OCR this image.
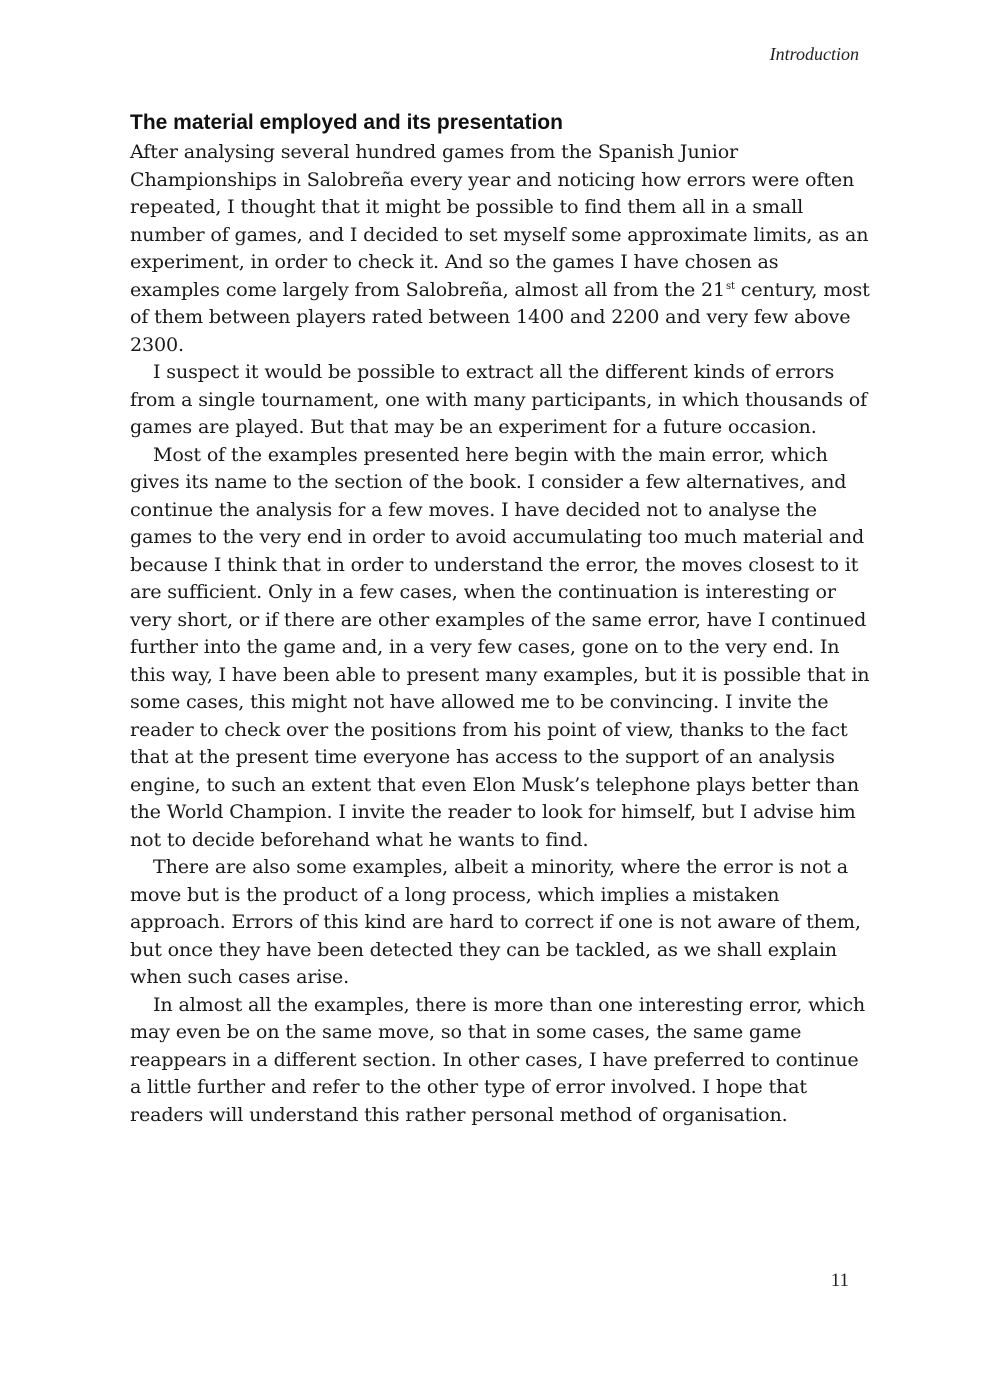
Introduction
The material employed and its presentation

After analysing several hundred games from the Spanish Junior Championships in Salobreña every year and noticing how errors were often repeated, I thought that it might be possible to find them all in a small number of games, and I decided to set myself some approximate limits, as an experiment, in order to check it. And so the games I have chosen as examples come largely from Salobreña, almost all from the 21st century, most of them between players rated between 1400 and 2200 and very few above 2300.

I suspect it would be possible to extract all the different kinds of errors from a single tournament, one with many participants, in which thousands of games are played. But that may be an experiment for a future occasion.

Most of the examples presented here begin with the main error, which gives its name to the section of the book. I consider a few alternatives, and continue the analysis for a few moves. I have decided not to analyse the games to the very end in order to avoid accumulating too much material and because I think that in order to understand the error, the moves closest to it are sufficient. Only in a few cases, when the continuation is interesting or very short, or if there are other examples of the same error, have I continued further into the game and, in a very few cases, gone on to the very end. In this way, I have been able to present many examples, but it is possible that in some cases, this might not have allowed me to be convincing. I invite the reader to check over the positions from his point of view, thanks to the fact that at the present time everyone has access to the support of an analysis engine, to such an extent that even Elon Musk’s telephone plays better than the World Champion. I invite the reader to look for himself, but I advise him not to decide beforehand what he wants to find.

There are also some examples, albeit a minority, where the error is not a move but is the product of a long process, which implies a mistaken approach. Errors of this kind are hard to correct if one is not aware of them, but once they have been detected they can be tackled, as we shall explain when such cases arise.

In almost all the examples, there is more than one interesting error, which may even be on the same move, so that in some cases, the same game reappears in a different section. In other cases, I have preferred to continue a little further and refer to the other type of error involved. I hope that readers will understand this rather personal method of organisation.

11
